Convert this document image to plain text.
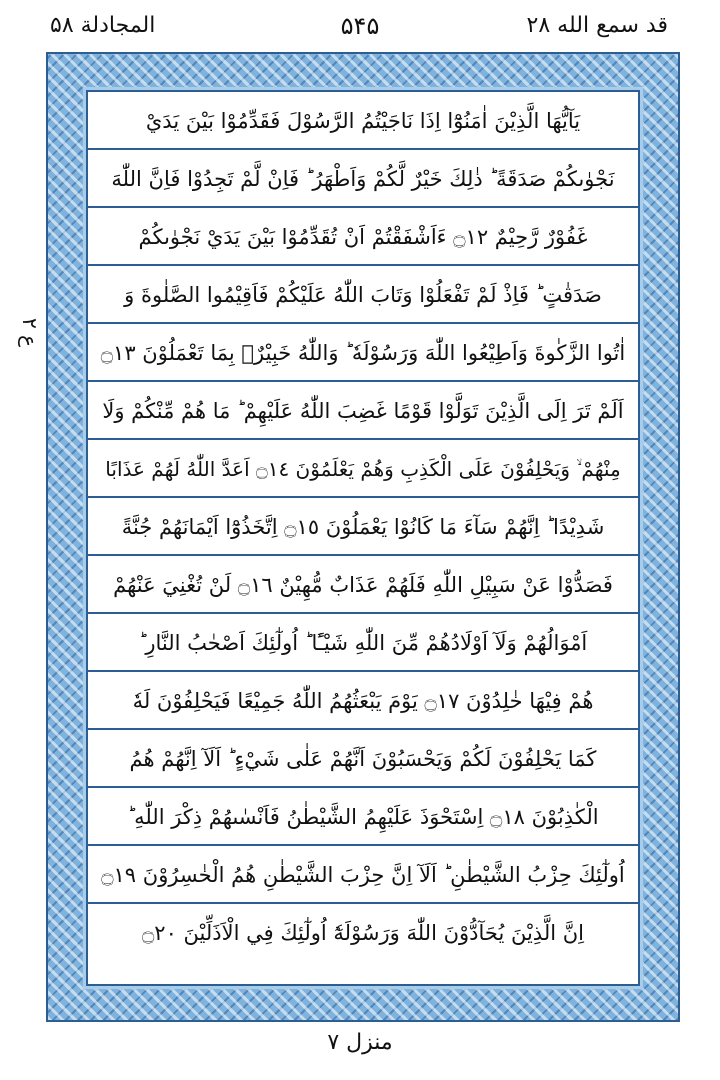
المجادلة ۵۸	۵۴۵	قد سمع الله ۲۸
ع ۲
يَآيُّهَا الَّذِيْنَ اٰمَنُوْٓا اِذَا نَاجَيْتُمُ الرَّسُوْلَ فَقَدِّمُوْا بَيْنَ يَدَيْ
نَجْوٰىكُمْ صَدَقَةً ؕ ذٰلِكَ خَيْرٌ لَّكُمْ وَاَطْهَرُ ؕ فَاِنْ لَّمْ تَجِدُوْا فَاِنَّ اللّٰهَ
غَفُوْرٌ رَّحِيْمٌ ۝١٢ ءَاَشْفَقْتُمْ اَنْ تُقَدِّمُوْا بَيْنَ يَدَيْ نَجْوٰىكُمْ
صَدَقٰتٍ ؕ فَاِذْ لَمْ تَفْعَلُوْا وَتَابَ اللّٰهُ عَلَيْكُمْ فَاَقِيْمُوا الصَّلٰوةَ وَ
اٰتُوا الزَّكٰوةَ وَاَطِيْعُوا اللّٰهَ وَرَسُوْلَهٗ ؕ وَاللّٰهُ خَبِيْرٌۢ بِمَا تَعْمَلُوْنَ ۝١٣
اَلَمْ تَرَ اِلَى الَّذِيْنَ تَوَلَّوْا قَوْمًا غَضِبَ اللّٰهُ عَلَيْهِمْ ؕ مَا هُمْ مِّنْكُمْ وَلَا
مِنْهُمْ ۙ وَيَحْلِفُوْنَ عَلَى الْكَذِبِ وَهُمْ يَعْلَمُوْنَ ۝١٤ اَعَدَّ اللّٰهُ لَهُمْ عَذَابًا
شَدِيْدًا ؕ اِنَّهُمْ سَآءَ مَا كَانُوْا يَعْمَلُوْنَ ۝١٥ اِتَّخَذُوْٓا اَيْمَانَهُمْ جُنَّةً
فَصَدُّوْا عَنْ سَبِيْلِ اللّٰهِ فَلَهُمْ عَذَابٌ مُّهِيْنٌ ۝١٦ لَنْ تُغْنِيَ عَنْهُمْ
اَمْوَالُهُمْ وَلَآ اَوْلَادُهُمْ مِّنَ اللّٰهِ شَيْـًٔا ؕ اُولٰٓئِكَ اَصْحٰبُ النَّارِ ؕ
هُمْ فِيْهَا خٰلِدُوْنَ ۝١٧ يَوْمَ يَبْعَثُهُمُ اللّٰهُ جَمِيْعًا فَيَحْلِفُوْنَ لَهٗ
كَمَا يَحْلِفُوْنَ لَكُمْ وَيَحْسَبُوْنَ اَنَّهُمْ عَلٰى شَيْءٍ ؕ اَلَآ اِنَّهُمْ هُمُ
الْكٰذِبُوْنَ ۝١٨ اِسْتَحْوَذَ عَلَيْهِمُ الشَّيْطٰنُ فَاَنْسٰىهُمْ ذِكْرَ اللّٰهِ ؕ
اُولٰٓئِكَ حِزْبُ الشَّيْطٰنِ ؕ اَلَآ اِنَّ حِزْبَ الشَّيْطٰنِ هُمُ الْخٰسِرُوْنَ ۝١٩
اِنَّ الَّذِيْنَ يُحَآدُّوْنَ اللّٰهَ وَرَسُوْلَهٗٓ اُولٰٓئِكَ فِي الْاَذَلِّيْنَ ۝٢٠
منزل ۷
